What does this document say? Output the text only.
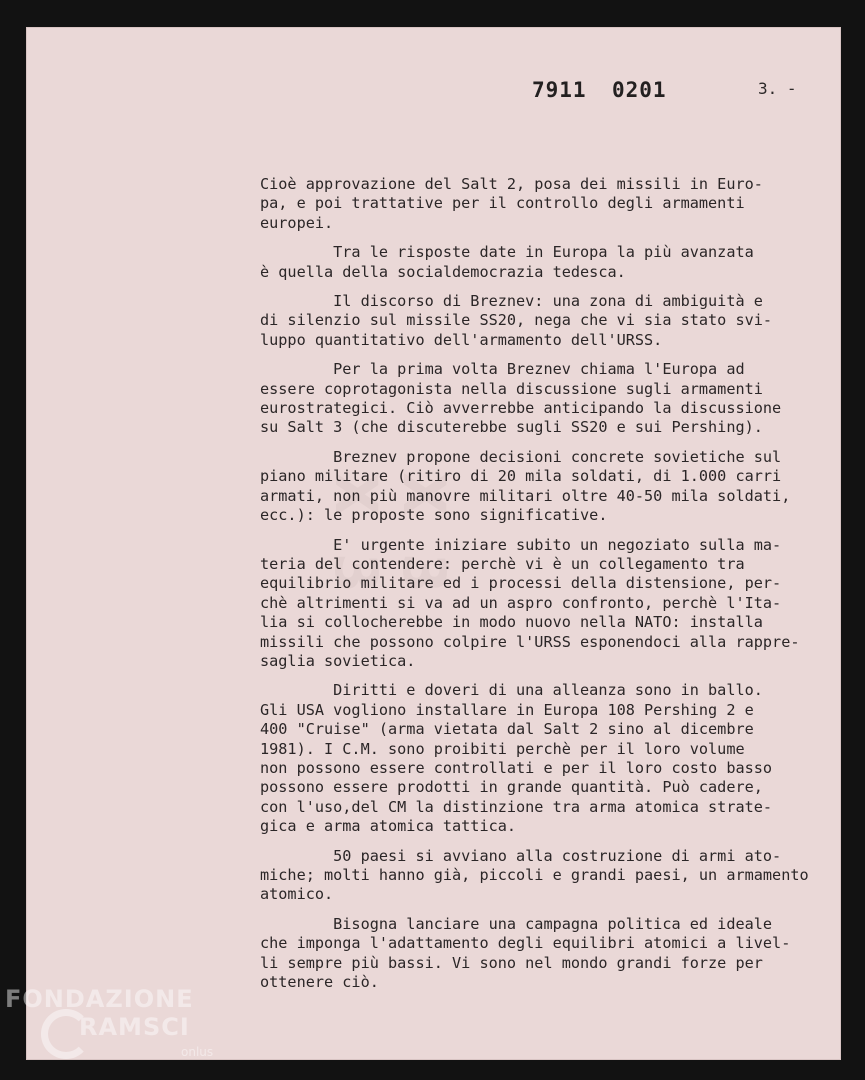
X 3
X 3
7911 0201	3. -
Cioè approvazione del Salt 2, posa dei missili in Euro-
pa, e poi trattative per il controllo degli armamenti
europei.
Tra le risposte date in Europa la più avanzata
è quella della socialdemocrazia tedesca.
Il discorso di Breznev: una zona di ambiguità e
di silenzio sul missile SS20, nega che vi sia stato svi-
luppo quantitativo dell'armamento dell'URSS.
Per la prima volta Breznev chiama l'Europa ad
essere coprotagonista nella discussione sugli armamenti
eurostrategici. Ciò avverrebbe anticipando la discussione
su Salt 3 (che discuterebbe sugli SS20 e sui Pershing).
Breznev propone decisioni concrete sovietiche sul
piano militare (ritiro di 20 mila soldati, di 1.000 carri
armati, non più manovre militari oltre 40-50 mila soldati,
ecc.): le proposte sono significative.
E' urgente iniziare subito un negoziato sulla ma-
teria del contendere: perchè vi è un collegamento tra
equilibrio militare ed i processi della distensione, per-
chè altrimenti si va ad un aspro confronto, perchè l'Ita-
lia si collocherebbe in modo nuovo nella NATO: installa
missili che possono colpire l'URSS esponendoci alla rappre-
saglia sovietica.
Diritti e doveri di una alleanza sono in ballo.
Gli USA vogliono installare in Europa 108 Pershing 2 e
400 "Cruise" (arma vietata dal Salt 2 sino al dicembre
1981). I C.M. sono proibiti perchè per il loro volume
non possono essere controllati e per il loro costo basso
possono essere prodotti in grande quantità. Può cadere,
con l'uso,del CM la distinzione tra arma atomica strate-
gica e arma atomica tattica.
50 paesi si avviano alla costruzione di armi ato-
miche; molti hanno già, piccoli e grandi paesi, un armamento
atomico.
Bisogna lanciare una campagna politica ed ideale
che imponga l'adattamento degli equilibri atomici a livel-
li sempre più bassi. Vi sono nel mondo grandi forze per
ottenere ciò.
FONDAZIONE
RAMSCI
onlus
